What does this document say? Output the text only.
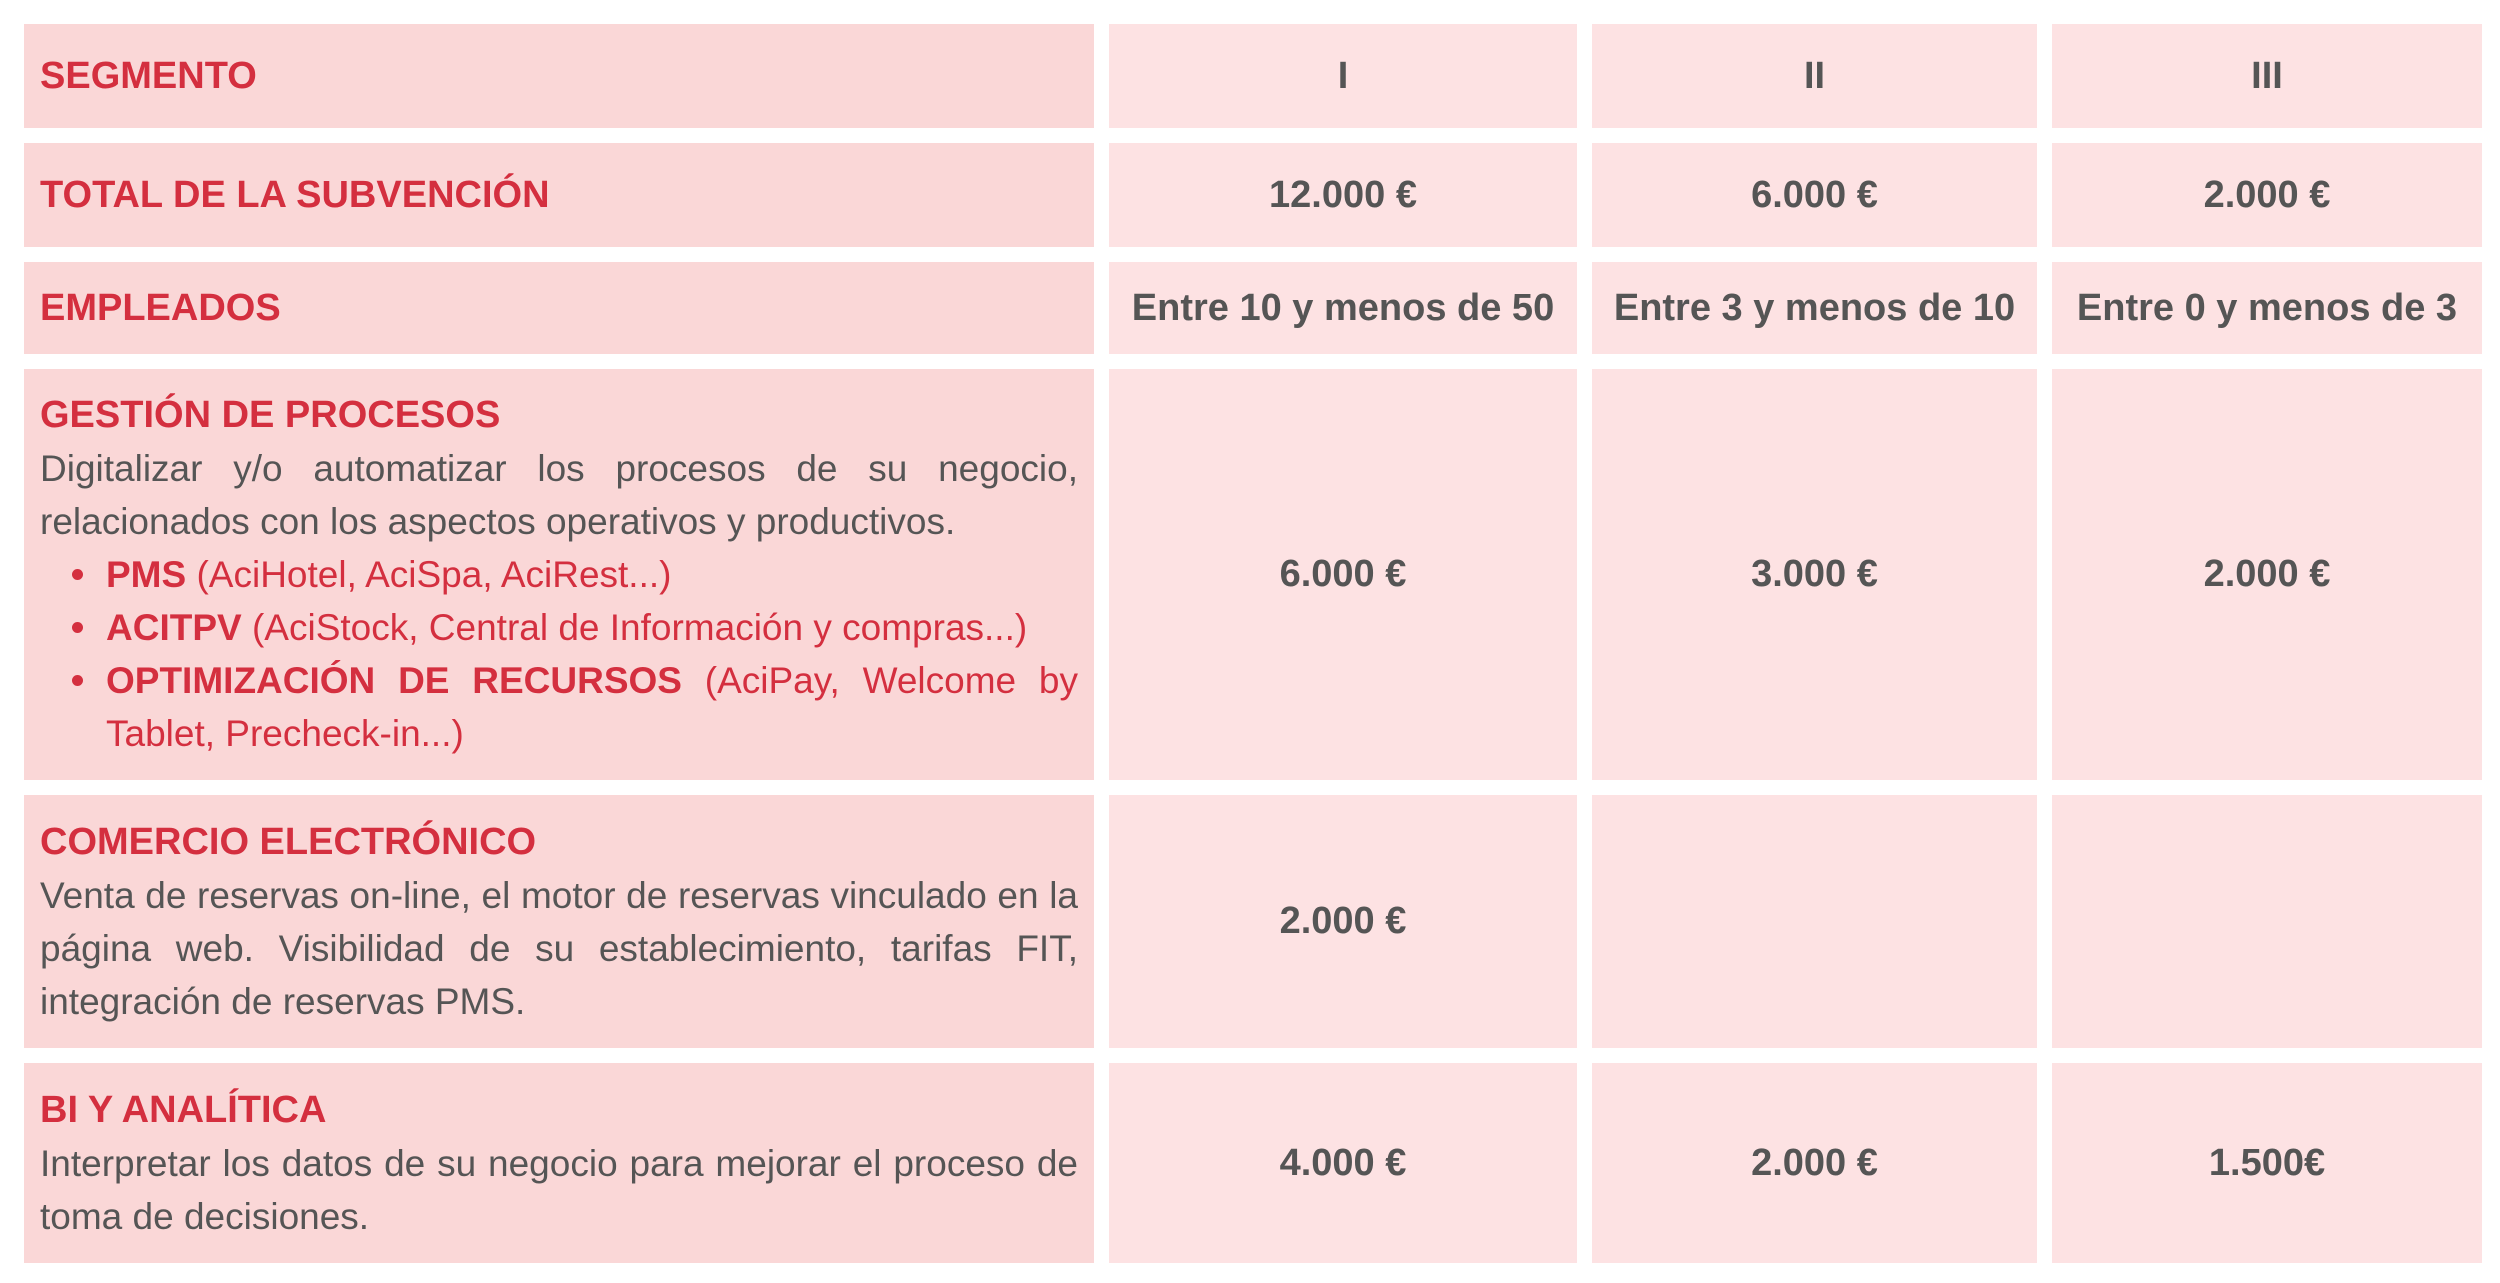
SEGMENTO	I	II	III
TOTAL DE LA SUBVENCIÓN	12.000 €	6.000 €	2.000 €
EMPLEADOS	Entre 10 y menos de 50	Entre 3 y menos de 10	Entre 0 y menos de 3
GESTIÓN DE PROCESOS
Digitalizar y/o automatizar los procesos de su negocio, relacionados con los aspectos operativos y productivos.
PMS (AciHotel, AciSpa, AciRest...)
ACITPV (AciStock, Central de Información y compras...)
OPTIMIZACIÓN DE RECURSOS (AciPay, Welcome by Tablet, Precheck-in...)
6.000 €	3.000 €	2.000 €
COMERCIO ELECTRÓNICO
Venta de reservas on-line, el motor de reservas vinculado en la página web. Visibilidad de su establecimiento, tarifas FIT, integración de reservas PMS.
2.000 €
BI Y ANALÍTICA
Interpretar los datos de su negocio para mejorar el proceso de toma de decisiones.
4.000 €	2.000 €	1.500€
